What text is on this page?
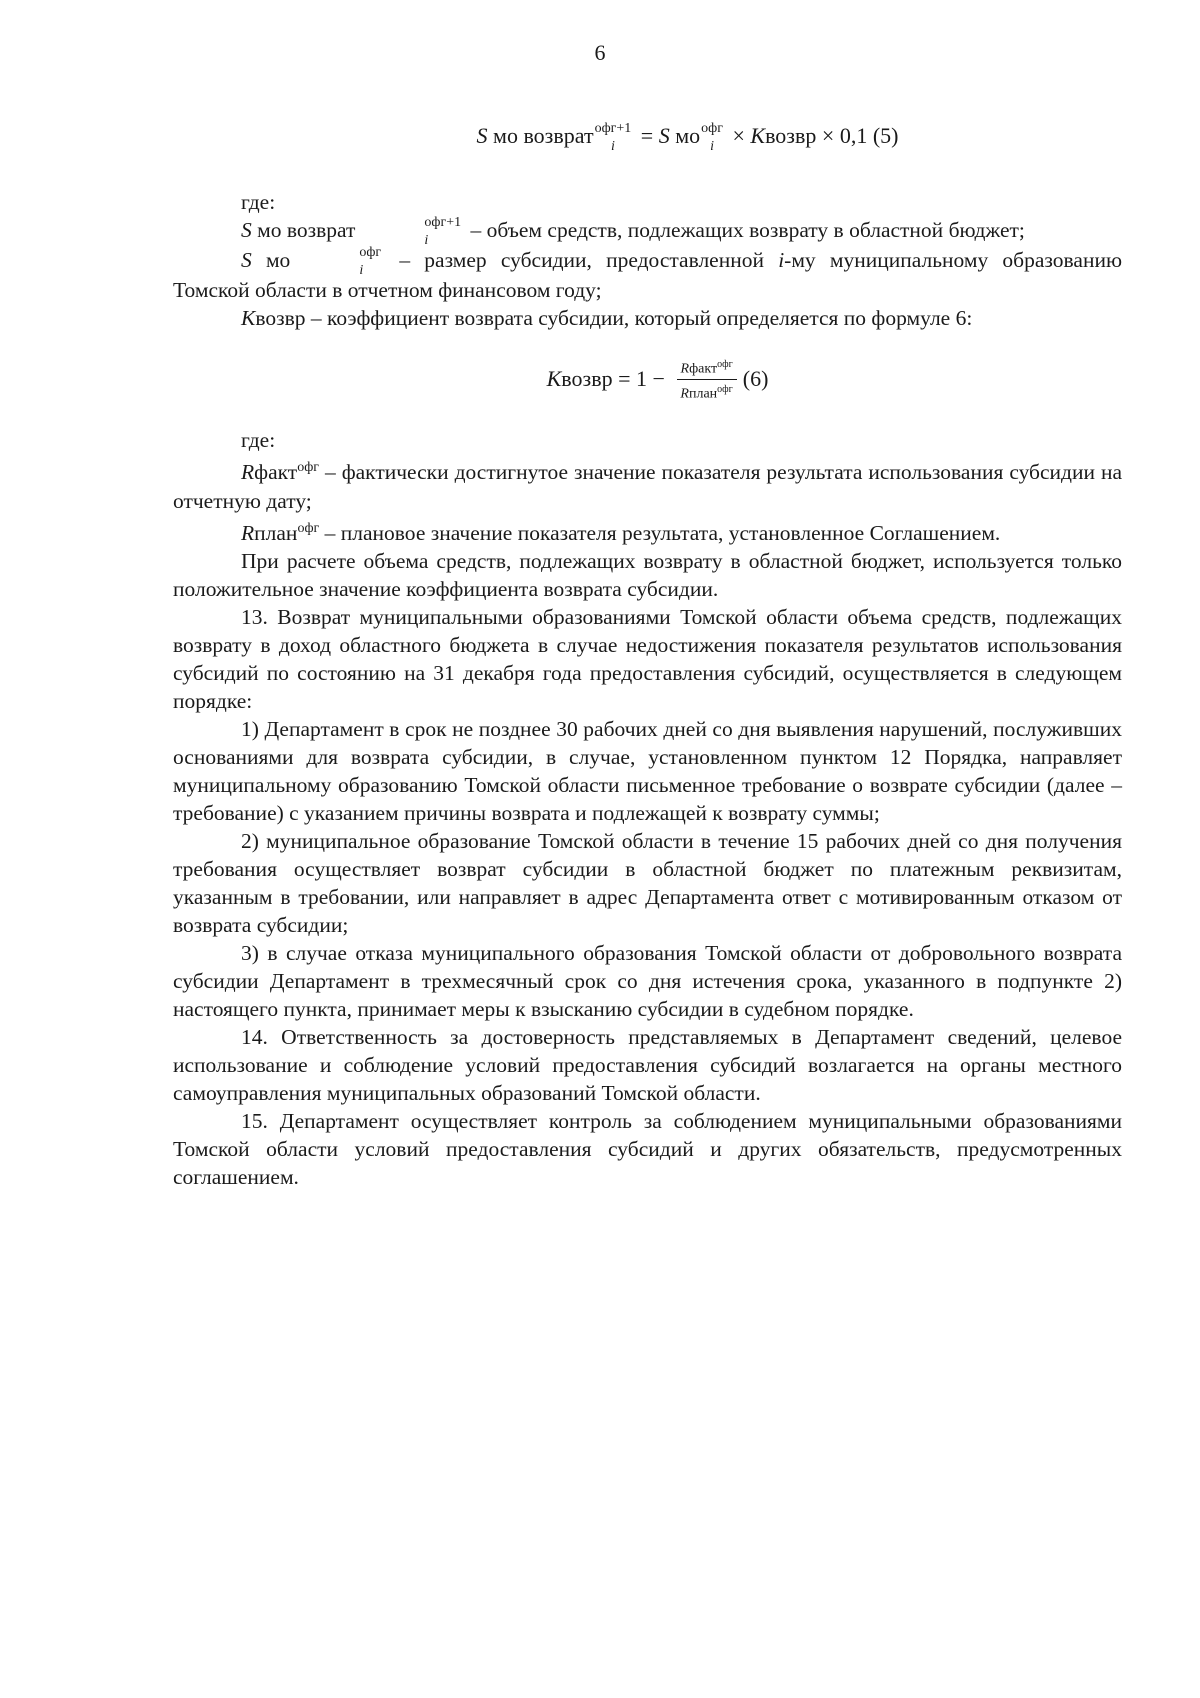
6
S мо возврат офг+1
i	= S мо офг
i × Kвозвр × 0,1 (5)

где:

S мо возврат	офг+1
i	– объем средств, подлежащих возврату в областной бюджет;

S мо	офг
i	– размер субсидии, предоставленной i-му муниципальному образованию Томской области в отчетном финансовом году;

Kвозвр – коэффициент возврата субсидии, который определяется по формуле 6:

K возвр = $1 - \frac{Rфакт^{офг}}{Rплан^{офг}} (6)$

где:

Rфакт$^{офг}$ – фактически достигнутое значение показателя результата использования субсидии на отчетную дату;

Rплан$^{офг}$ – плановое значение показателя результата, установленное Соглашением.

При расчете объема средств, подлежащих возврату в областной бюджет, используется только положительное значение коэффициента возврата субсидии.

13. Возврат муниципальными образованиями Томской области объема средств, подлежащих возврату в доход областного бюджета в случае недостижения показателя результатов использования субсидий по состоянию на 31 декабря года предоставления субсидий, осуществляется в следующем порядке:

1) Департамент в срок не позднее 30 рабочих дней со дня выявления нарушений, послуживших основаниями для возврата субсидии, в случае, установленном пунктом 12 Порядка, направляет муниципальному образованию Томской области письменное требование о возврате субсидии (далее – требование) с указанием причины возврата и подлежащей к возврату суммы;

2) муниципальное образование Томской области в течение 15 рабочих дней со дня получения требования осуществляет возврат субсидии в областной бюджет по платежным реквизитам, указанным в требовании, или направляет в адрес Департамента ответ с мотивированным отказом от возврата субсидии;

3) в случае отказа муниципального образования Томской области от добровольного возврата субсидии Департамент в трехмесячный срок со дня истечения срока, указанного в подпункте 2) настоящего пункта, принимает меры к взысканию субсидии в судебном порядке.

14. Ответственность за достоверность представляемых в Департамент сведений, целевое использование и соблюдение условий предоставления субсидий возлагается на органы местного самоуправления муниципальных образований Томской области.

15. Департамент осуществляет контроль за соблюдением муниципальными образованиями Томской области условий предоставления субсидий и других обязательств, предусмотренных соглашением.
